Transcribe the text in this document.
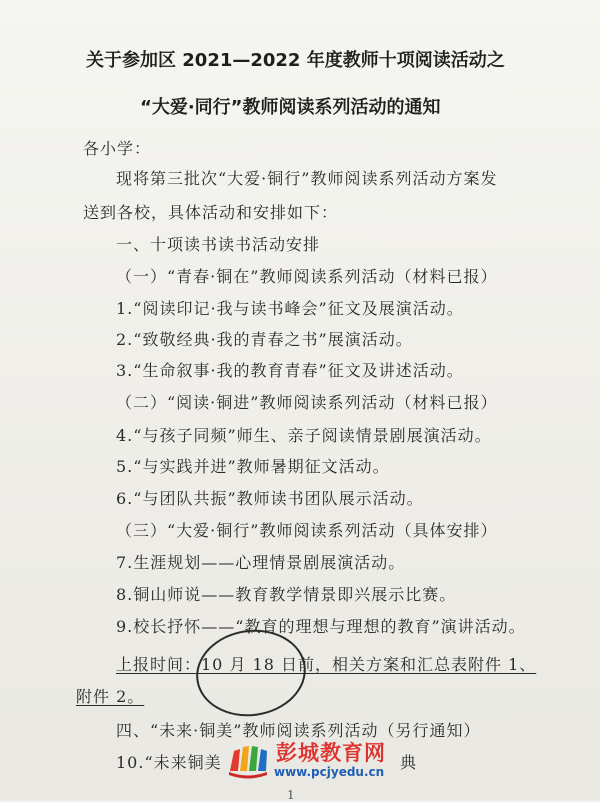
关于参加区 2021—2022 年度教师十项阅读活动之
“大爱·同行”教师阅读系列活动的通知
各小学：
现将第三批次“大爱·铜行”教师阅读系列活动方案发
送到各校，具体活动和安排如下：
一、十项读书读书活动安排
（一）“青春·铜在”教师阅读系列活动（材料已报）
1.“阅读印记·我与读书峰会”征文及展演活动。
2.“致敬经典·我的青春之书”展演活动。
3.“生命叙事·我的教育青春”征文及讲述活动。
（二）“阅读·铜进”教师阅读系列活动（材料已报）
4.“与孩子同频”师生、亲子阅读情景剧展演活动。
5.“与实践并进”教师暑期征文活动。
6.“与团队共振”教师读书团队展示活动。
（三）“大爱·铜行”教师阅读系列活动（具体安排）
7.生涯规划——心理情景剧展演活动。
8.铜山师说——教育教学情景即兴展示比赛。
9.校长抒怀——“教育的理想与理想的教育”演讲活动。
上报时间：10 月 18 日前，相关方案和汇总表附件 1、
附件 2。
四、“未来·铜美”教师阅读系列活动（另行通知）
10.“未来铜美	典
1
彭城教育网
www.pcjyedu.cn
